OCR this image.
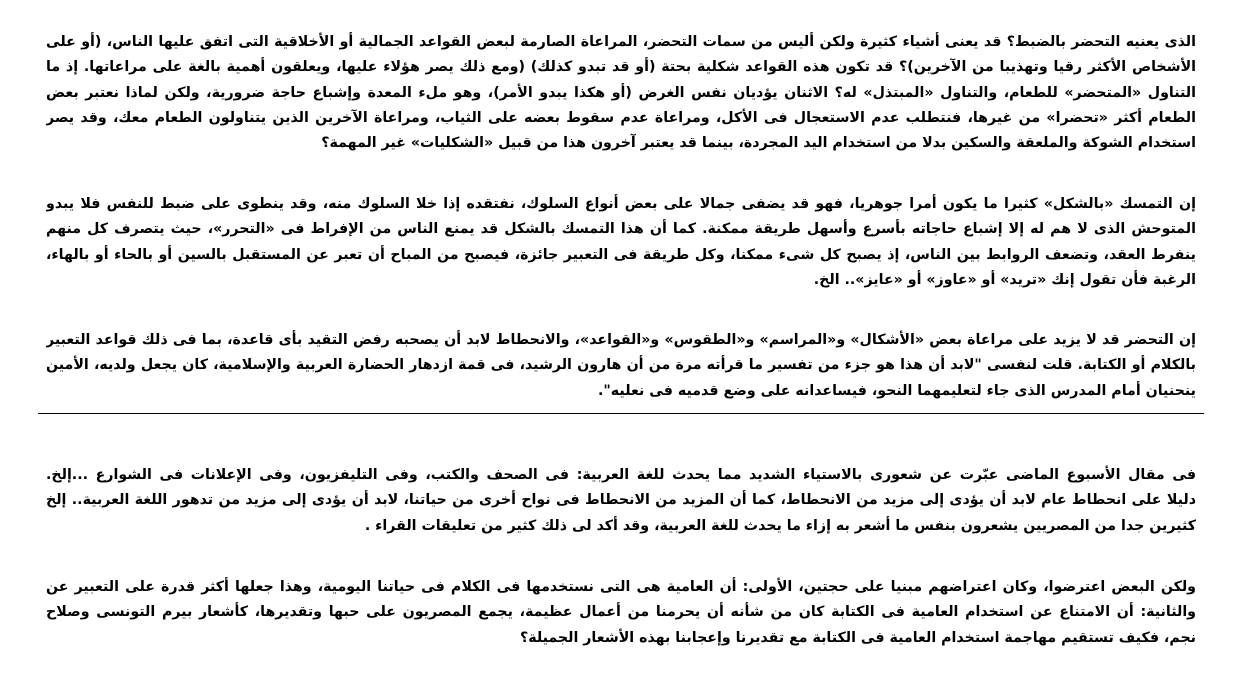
الذى يعنيه التحضر بالضبط؟ قد يعنى أشياء كثيرة ولكن أليس من سمات التحضر، المراعاة الصارمة لبعض القواعد الجمالية أو الأخلاقية التى اتفق عليها الناس، (أو على
الأشخاص الأكثر رقيا وتهذيبا من الآخرين)؟ قد تكون هذه القواعد شكلية بحتة (أو قد تبدو كذلك) (ومع ذلك يصر هؤلاء عليها، ويعلقون أهمية بالغة على مراعاتها. إذ ما
التناول «المتحضر» للطعام، والتناول «المبتذل» له؟ الاثنان يؤديان نفس الغرض (أو هكذا يبدو الأمر)، وهو ملء المعدة وإشباع حاجة ضرورية، ولكن لماذا نعتبر بعض
الطعام أكثر «تحضرا» من غيرها، فنتطلب عدم الاستعجال فى الأكل، ومراعاة عدم سقوط بعضه على الثياب، ومراعاة الآخرين الذين يتناولون الطعام معك، وقد يصر
استخدام الشوكة والملعقة والسكين بدلا من استخدام اليد المجردة، بينما قد يعتبر آخرون هذا من قبيل «الشكليات» غير المهمة؟
إن التمسك «بالشكل» كثيرا ما يكون أمرا جوهريا، فهو قد يضفى جمالا على بعض أنواع السلوك، نفتقده إذا خلا السلوك منه، وقد ينطوى على ضبط للنفس فلا يبدو
المتوحش الذى لا هم له إلا إشباع حاجاته بأسرع وأسهل طريقة ممكنة. كما أن هذا التمسك بالشكل قد يمنع الناس من الإفراط فى «التحرر»، حيث يتصرف كل منهم
ينفرط العقد، وتضعف الروابط بين الناس، إذ يصبح كل شىء ممكنا، وكل طريقة فى التعبير جائزة، فيصبح من المباح أن تعبر عن المستقبل بالسين أو بالحاء أو بالهاء،
الرغبة فأن تقول إنك «تريد» أو «عاوز» أو «عايز».. الخ.
إن التحضر قد لا يزيد على مراعاة بعض «الأشكال» و«المراسم» و«الطقوس» و«القواعد»، والانحطاط لابد أن يصحبه رفض التقيد بأى قاعدة، بما فى ذلك قواعد التعبير
بالكلام أو الكتابة. قلت لنفسى "لابد أن هذا هو جزء من تفسير ما قرأته مرة من أن هارون الرشيد، فى قمة ازدهار الحضارة العربية والإسلامية، كان يجعل ولديه، الأمين
ينحنيان أمام المدرس الذى جاء لتعليمهما النحو، فيساعدانه على وضع قدميه فى نعليه".
فى مقال الأسبوع الماضى عبّرت عن شعورى بالاستياء الشديد مما يحدث للغة العربية: فى الصحف والكتب، وفى التليفزيون، وفى الإعلانات فى الشوارع ...إلخ.
دليلا على انحطاط عام لابد أن يؤدى إلى مزيد من الانحطاط، كما أن المزيد من الانحطاط فى نواح أخرى من حياتنا، لابد أن يؤدى إلى مزيد من تدهور اللغة العربية.. إلخ
كثيرين جدا من المصريين يشعرون بنفس ما أشعر به إزاء ما يحدث للغة العربية، وقد أكد لى ذلك كثير من تعليقات القراء .
ولكن البعض اعترضوا، وكان اعتراضهم مبنيا على حجتين، الأولى: أن العامية هى التى نستخدمها فى الكلام فى حياتنا اليومية، وهذا جعلها أكثر قدرة على التعبير عن
والثانية: أن الامتناع عن استخدام العامية فى الكتابة كان من شأنه أن يحرمنا من أعمال عظيمة، يجمع المصريون على حبها وتقديرها، كأشعار بيرم التونسى وصلاح
نجم، فكيف تستقيم مهاجمة استخدام العامية فى الكتابة مع تقديرنا وإعجابنا بهذه الأشعار الجميلة؟
